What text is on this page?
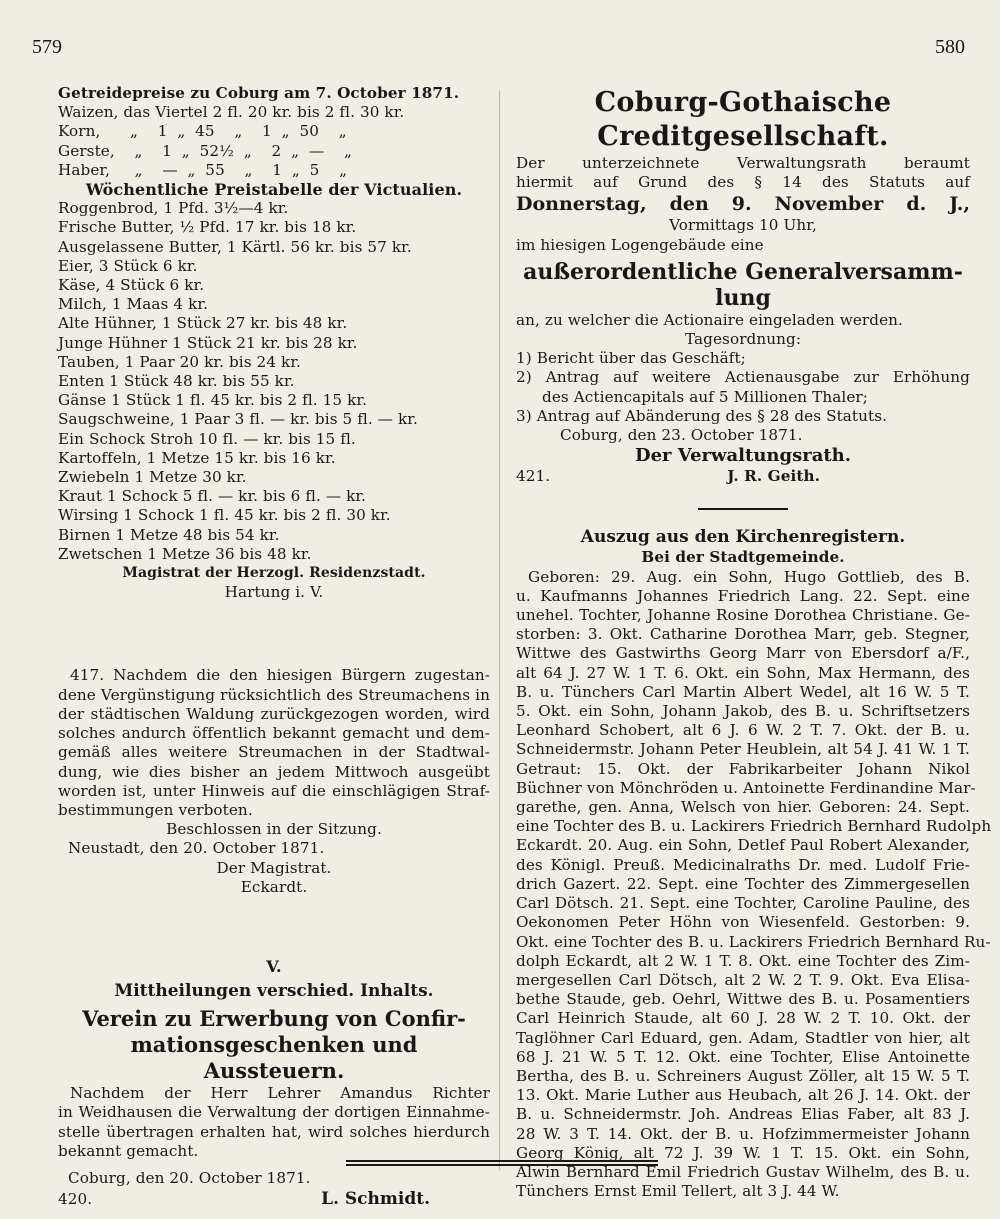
579	580
Getreidepreise zu Coburg am 7. October 1871.
Waizen, das Viertel 2 fl. 20 kr. bis 2 fl. 30 kr.
Korn,      „    1  „  45    „    1  „  50    „
Gerste,    „    1  „  52½  „    2  „  —    „
Haber,     „    —  „  55    „    1  „  5    „
Wöchentliche Preistabelle der Victualien.
Roggenbrod, 1 Pfd. 3½—4 kr.
Frische Butter, ½ Pfd. 17 kr. bis 18 kr.
Ausgelassene Butter, 1 Kärtl. 56 kr. bis 57 kr.
Eier, 3 Stück 6 kr.
Käse, 4 Stück 6 kr.
Milch, 1 Maas 4 kr.
Alte Hühner, 1 Stück 27 kr. bis 48 kr.
Junge Hühner 1 Stück 21 kr. bis 28 kr.
Tauben, 1 Paar 20 kr. bis 24 kr.
Enten 1 Stück 48 kr. bis 55 kr.
Gänse 1 Stück 1 fl. 45 kr. bis 2 fl. 15 kr.
Saugschweine, 1 Paar 3 fl. — kr. bis 5 fl. — kr.
Ein Schock Stroh 10 fl. — kr. bis 15 fl.
Kartoffeln, 1 Metze 15 kr. bis 16 kr.
Zwiebeln 1 Metze 30 kr.
Kraut 1 Schock 5 fl. — kr. bis 6 fl. — kr.
Wirsing 1 Schock 1 fl. 45 kr. bis 2 fl. 30 kr.
Birnen 1 Metze 48 bis 54 kr.
Zwetschen 1 Metze 36 bis 48 kr.
Magistrat der Herzogl. Residenzstadt.
Hartung i. V.
417. Nachdem die den hiesigen Bürgern zugestan-
dene Vergünstigung rücksichtlich des Streumachens in
der städtischen Waldung zurückgezogen worden, wird
solches andurch öffentlich bekannt gemacht und dem-
gemäß alles weitere Streumachen in der Stadtwal-
dung, wie dies bisher an jedem Mittwoch ausgeübt
worden ist, unter Hinweis auf die einschlägigen Straf-
bestimmungen verboten.
Beschlossen in der Sitzung.
Neustadt, den 20. October 1871.
Der Magistrat.
Eckardt.
V.
Mittheilungen verschied. Inhalts.
Verein zu Erwerbung von Confir-
mationsgeschenken und Aussteuern.
Nachdem der Herr Lehrer Amandus Richter
in Weidhausen die Verwaltung der dortigen Einnahme-
stelle übertragen erhalten hat, wird solches hierdurch
bekannt gemacht.
Coburg, den 20. October 1871.
420.	L. Schmidt.
Coburg-Gothaische Creditgesellschaft.
Der unterzeichnete Verwaltungsrath beraumt
hiermit auf Grund des § 14 des Statuts auf
Donnerstag, den 9. November d. J.,
Vormittags 10 Uhr,
im hiesigen Logengebäude eine
außerordentliche Generalversamm-
lung
an, zu welcher die Actionaire eingeladen werden.
Tagesordnung:
1) Bericht über das Geschäft;
2) Antrag auf weitere Actienausgabe zur Erhöhung
des Actiencapitals auf 5 Millionen Thaler;
3) Antrag auf Abänderung des § 28 des Statuts.
Coburg, den 23. October 1871.
Der Verwaltungsrath.
421.	J. R. Geith.
Auszug aus den Kirchenregistern.
Bei der Stadtgemeinde.
Geboren: 29. Aug. ein Sohn, Hugo Gottlieb, des B.
u. Kaufmanns Johannes Friedrich Lang. 22. Sept. eine
unehel. Tochter, Johanne Rosine Dorothea Christiane. Ge-
storben: 3. Okt. Catharine Dorothea Marr, geb. Stegner,
Wittwe des Gastwirths Georg Marr von Ebersdorf a/F.,
alt 64 J. 27 W. 1 T. 6. Okt. ein Sohn, Max Hermann, des
B. u. Tünchers Carl Martin Albert Wedel, alt 16 W. 5 T.
5. Okt. ein Sohn, Johann Jakob, des B. u. Schriftsetzers
Leonhard Schobert, alt 6 J. 6 W. 2 T. 7. Okt. der B. u.
Schneidermstr. Johann Peter Heublein, alt 54 J. 41 W. 1 T.
Getraut: 15. Okt. der Fabrikarbeiter Johann Nikol
Büchner von Mönchröden u. Antoinette Ferdinandine Mar-
garethe, gen. Anna, Welsch von hier. Geboren: 24. Sept.
eine Tochter des B. u. Lackirers Friedrich Bernhard Rudolph
Eckardt. 20. Aug. ein Sohn, Detlef Paul Robert Alexander,
des Königl. Preuß. Medicinalraths Dr. med. Ludolf Frie-
drich Gazert. 22. Sept. eine Tochter des Zimmergesellen
Carl Dötsch. 21. Sept. eine Tochter, Caroline Pauline, des
Oekonomen Peter Höhn von Wiesenfeld. Gestorben: 9.
Okt. eine Tochter des B. u. Lackirers Friedrich Bernhard Ru-
dolph Eckardt, alt 2 W. 1 T. 8. Okt. eine Tochter des Zim-
mergesellen Carl Dötsch, alt 2 W. 2 T. 9. Okt. Eva Elisa-
bethe Staude, geb. Oehrl, Wittwe des B. u. Posamentiers
Carl Heinrich Staude, alt 60 J. 28 W. 2 T. 10. Okt. der
Taglöhner Carl Eduard, gen. Adam, Stadtler von hier, alt
68 J. 21 W. 5 T. 12. Okt. eine Tochter, Elise Antoinette
Bertha, des B. u. Schreiners August Zöller, alt 15 W. 5 T.
13. Okt. Marie Luther aus Heubach, alt 26 J. 14. Okt. der
B. u. Schneidermstr. Joh. Andreas Elias Faber, alt 83 J.
28 W. 3 T. 14. Okt. der B. u. Hofzimmermeister Johann
Georg König, alt 72 J. 39 W. 1 T. 15. Okt. ein Sohn,
Alwin Bernhard Emil Friedrich Gustav Wilhelm, des B. u.
Tünchers Ernst Emil Tellert, alt 3 J. 44 W.
